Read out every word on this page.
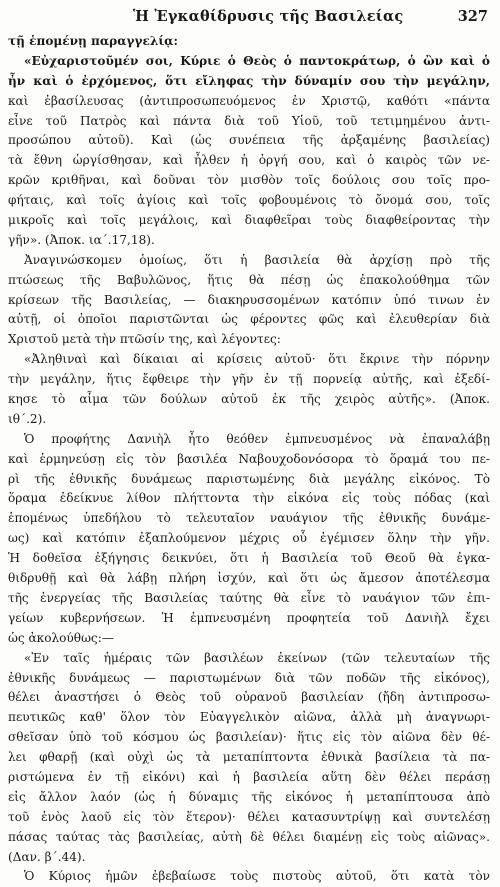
Ἡ Ἐγκαθίδρυσις τῆς Βασιλείας	327
τῇ ἑπομένῃ παραγγελίᾳ:
«Εὐχαριστοῦμέν σοι, Κύριε ὁ Θεὸς ὁ παντοκράτωρ, ὁ ὢν καὶ ὁ
ἦν καὶ ὁ ἐρχόμενος, ὅτι εἴληφας τὴν δύναμίν σου τὴν μεγάλην,
καὶ ἐβασίλευσας (ἀντιπροσωπευόμενος ἐν Χριστῷ, καθότι «πάντα
εἶνε τοῦ Πατρὸς καὶ πάντα διὰ τοῦ Υἱοῦ, τοῦ τετιμημένου ἀντι-
προσώπου αὐτοῦ). Καὶ (ὡς συνέπεια τῆς ἀρξαμένης βασιλείας)
τὰ ἔθνη ὠργίσθησαν, καὶ ἦλθεν ἡ ὀργή σου, καὶ ὁ καιρὸς τῶν νε-
κρῶν κριθῆναι, καὶ δοῦναι τὸν μισθὸν τοῖς δούλοις σου τοῖς προ-
φήταις, καὶ τοῖς ἁγίοις καὶ τοῖς φοβουμένοις τὸ ὄνομά σου, τοῖς
μικροῖς καὶ τοῖς μεγάλοις, καὶ διαφθεῖραι τοὺς διαφθείροντας τὴν
γῆν». (Ἀποκ. ια´.17,18).
Ἀναγινώσκομεν ὁμοίως, ὅτι ἡ βασιλεία θὰ ἀρχίσῃ πρὸ τῆς
πτώσεως τῆς Βαβυλῶνος, ἥτις θὰ πέσῃ ὡς ἐπακολούθημα τῶν
κρίσεων τῆς Βασιλείας, — διακηρυσσομένων κατόπιν ὑπό τινων ἐν
αὐτῇ, οἱ ὁποῖοι παριστῶνται ὡς φέροντες φῶς καὶ ἐλευθερίαν διὰ
Χριστοῦ μετὰ τὴν πτῶσίν της, καὶ λέγοντες:
«Ἀληθιναὶ καὶ δίκαιαι αἱ κρίσεις αὐτοῦ· ὅτι ἔκρινε τὴν πόρνην
τὴν μεγάλην, ἥτις ἔφθειρε τὴν γῆν ἐν τῇ πορνείᾳ αὐτῆς, καὶ ἐξεδί-
κησε τὸ αἷμα τῶν δούλων αὐτοῦ ἐκ τῆς χειρὸς αὐτῆς». (Ἀποκ.
ιθ´.2).
Ὁ προφήτης Δανιὴλ ἦτο θεόθεν ἐμπνευσμένος νὰ ἐπαναλάβῃ
καὶ ἑρμηνεύσῃ εἰς τὸν βασιλέα Ναβουχοδονόσορα τὸ ὅραμά του πε-
ρὶ τῆς ἐθνικῆς δυνάμεως παριστωμένης διὰ μεγάλης εἰκόνος. Τὸ
ὅραμα ἐδείκνυε λίθον πλήττοντα τὴν εἰκόνα εἰς τοὺς πόδας (καὶ
ἑπομένως ὑπεδήλου τὸ τελευταῖον ναυάγιον τῆς ἐθνικῆς δυνάμε-
ως) καὶ κατόπιν ἐξαπλούμενον μέχρις οὗ ἐγέμισεν ὅλην τὴν γῆν.
Ἡ δοθεῖσα ἐξήγησις δεικνύει, ὅτι ἡ Βασιλεία τοῦ Θεοῦ θὰ ἐγκα-
θιδρυθῇ καὶ θὰ λάβῃ πλήρη ἰσχύν, καὶ ὅτι ὡς ἄμεσον ἀποτέλεσμα
τῆς ἐνεργείας τῆς Βασιλείας ταύτης θὰ εἶνε τὸ ναυάγιον τῶν ἐπι-
γείων κυβερνήσεων. Ἡ ἐμπνευσμένη προφητεία τοῦ Δανιὴλ ἔχει
ὡς ἀκολούθως:—
«Ἐν ταῖς ἡμέραις τῶν βασιλέων ἐκείνων (τῶν τελευταίων τῆς
ἐθνικῆς δυνάμεως — παριστωμένων διὰ τῶν ποδῶν τῆς εἰκόνος),
θέλει ἀναστήσει ὁ Θεὸς τοῦ οὐρανοῦ βασιλείαν (ἤδη ἀντιπροσω-
πευτικῶς καθ' ὅλον τὸν Εὐαγγελικὸν αἰῶνα, ἀλλὰ μὴ ἀναγνωρι-
σθεῖσαν ὑπὸ τοῦ κόσμου ὡς βασιλείαν)· ἥτις εἰς τὸν αἰῶνα δὲν θέ-
λει φθαρῇ (καὶ οὐχὶ ὡς τὰ μεταπίπτοντα ἐθνικὰ βασίλεια τὰ πα-
ριστώμενα ἐν τῇ εἰκόνι) καὶ ἡ βασιλεία αὕτη δὲν θέλει περάσῃ
εἰς ἄλλον λαόν (ὡς ἡ δύναμις τῆς εἰκόνος ἡ μεταπίπτουσα ἀπὸ
τοῦ ἑνὸς λαοῦ εἰς τὸν ἕτερον)· θέλει κατασυντρίψῃ καὶ συντελέσῃ
πάσας ταύτας τὰς βασιλείας, αὐτὴ δὲ θέλει διαμένῃ εἰς τοὺς αἰῶνας».
(Δαν. β´.44).
Ὁ Κύριος ἡμῶν ἐβεβαίωσε τοὺς πιστοὺς αὐτοῦ, ὅτι κατὰ τὸν
